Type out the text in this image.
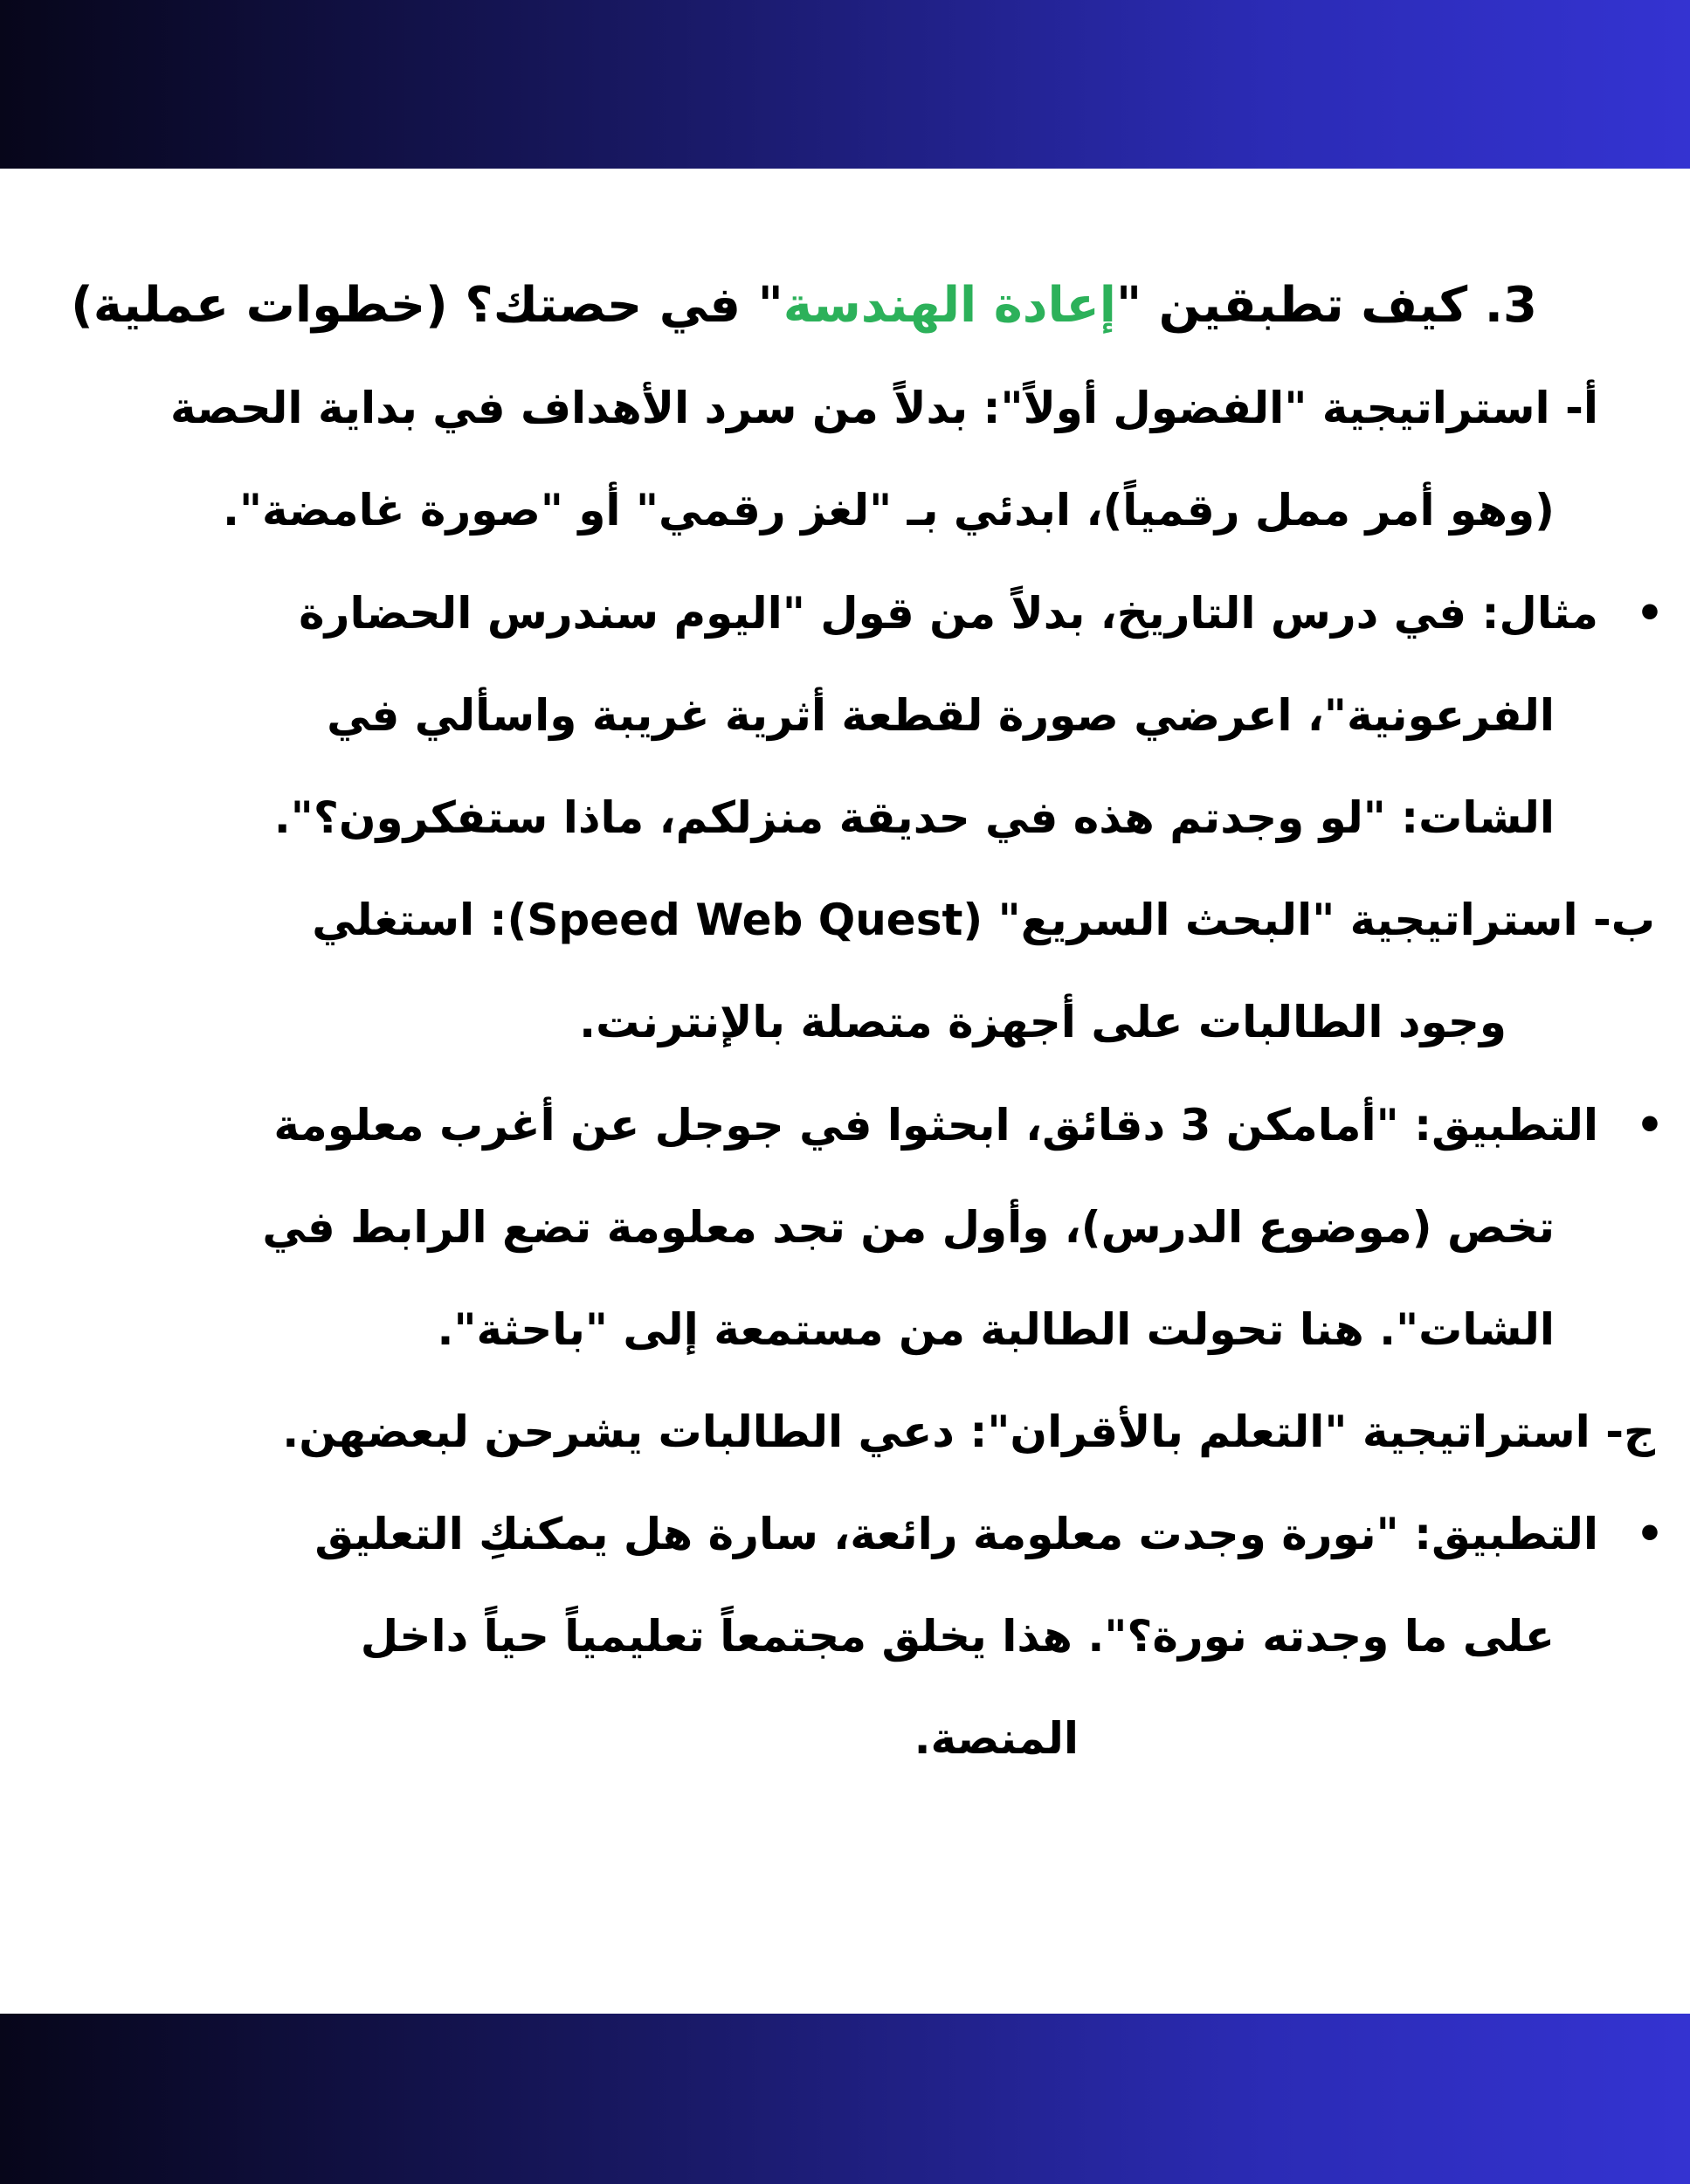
3. كيف تطبقين "إعادة الهندسة" في حصتك؟ (خطوات عملية)
أ- استراتيجية "الفضول أولاً": بدلاً من سرد الأهداف في بداية الحصة
(وهو أمر ممل رقمياً)، ابدئي بـ "لغز رقمي" أو "صورة غامضة".
•
مثال: في درس التاريخ، بدلاً من قول "اليوم سندرس الحضارة
الفرعونية"، اعرضي صورة لقطعة أثرية غريبة واسألي في
الشات: "لو وجدتم هذه في حديقة منزلكم، ماذا ستفكرون؟".
ب- استراتيجية "البحث السريع" (Speed Web Quest): استغلي
وجود الطالبات على أجهزة متصلة بالإنترنت.
•
التطبيق: "أمامكن 3 دقائق، ابحثوا في جوجل عن أغرب معلومة
تخص (موضوع الدرس)، وأول من تجد معلومة تضع الرابط في
الشات". هنا تحولت الطالبة من مستمعة إلى "باحثة".
ج- استراتيجية "التعلم بالأقران": دعي الطالبات يشرحن لبعضهن.
•
التطبيق: "نورة وجدت معلومة رائعة، سارة هل يمكنكِ التعليق
على ما وجدته نورة؟". هذا يخلق مجتمعاً تعليمياً حياً داخل
المنصة.
